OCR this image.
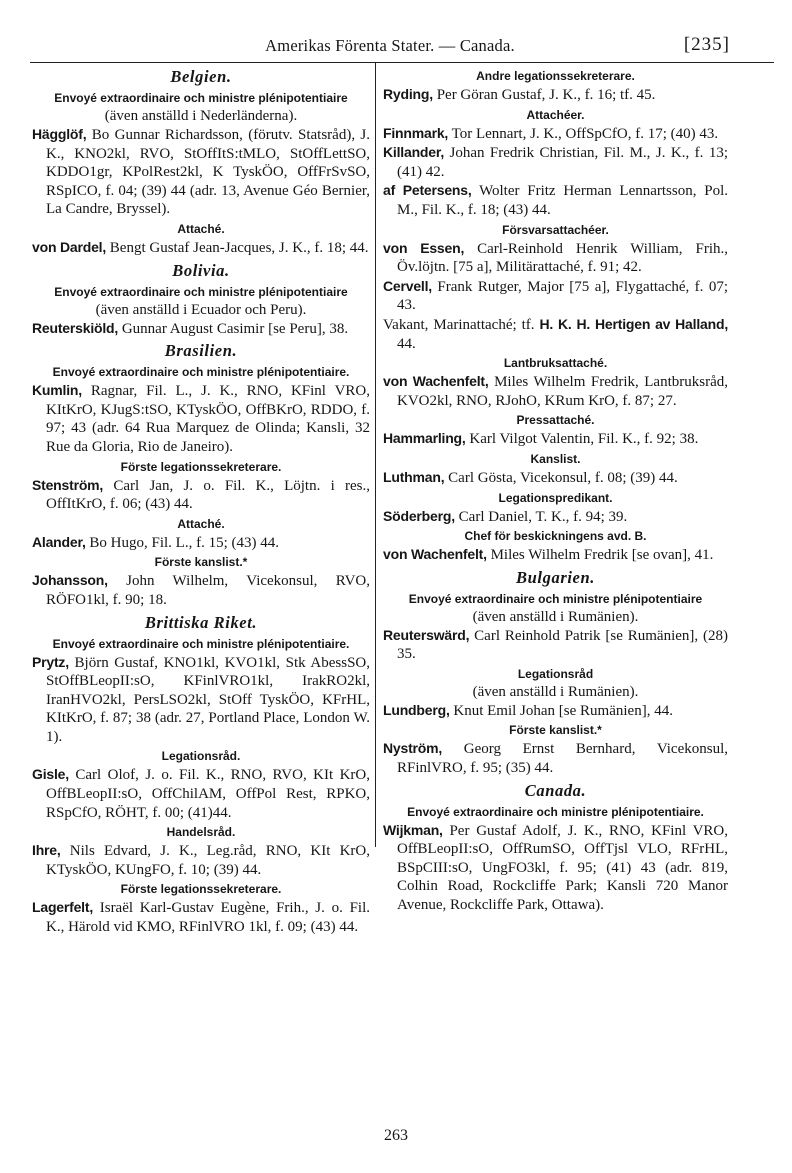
Amerikas Förenta Stater. — Canada.	[235]
Belgien.
Envoyé extraordinaire och ministre plénipotentiaire
(även anställd i Nederländerna).
Hägglöf, Bo Gunnar Richardsson, (förutv. Statsråd), J. K., KNO2kl, RVO, StOffItS:tMLO, StOffLettSO, KDDO1gr, KPolRest2kl, K TyskÖO, OffFrSvSO, RSpICO, f. 04; (39) 44 (adr. 13, Avenue Géo Bernier, La Candre, Bryssel).
Attaché.
von Dardel, Bengt Gustaf Jean-Jacques, J. K., f. 18; 44.
Bolivia.
Envoyé extraordinaire och ministre plénipotentiaire
(även anställd i Ecuador och Peru).
Reuterskiöld, Gunnar August Casimir [se Peru], 38.
Brasilien.
Envoyé extraordinaire och ministre plénipotentiaire.
Kumlin, Ragnar, Fil. L., J. K., RNO, KFinl VRO, KItKrO, KJugS:tSO, KTyskÖO, OffBKrO, RDDO, f. 97; 43 (adr. 64 Rua Marquez de Olinda; Kansli, 32 Rue da Gloria, Rio de Janeiro).
Förste legationssekreterare.
Stenström, Carl Jan, J. o. Fil. K., Löjtn. i res., OffItKrO, f. 06; (43) 44.
Attaché.
Alander, Bo Hugo, Fil. L., f. 15; (43) 44.
Förste kanslist.*
Johansson, John Wilhelm, Vicekonsul, RVO, RÖFO1kl, f. 90; 18.
Brittiska Riket.
Envoyé extraordinaire och ministre plénipotentiaire.
Prytz, Björn Gustaf, KNO1kl, KVO1kl, Stk AbessSO, StOffBLeopII:sO, KFinlVRO1kl, IrakRO2kl, IranHVO2kl, PersLSO2kl, StOff TyskÖO, KFrHL, KItKrO, f. 87; 38 (adr. 27, Portland Place, London W. 1).
Legationsråd.
Gisle, Carl Olof, J. o. Fil. K., RNO, RVO, KIt KrO, OffBLeopII:sO, OffChilAM, OffPol Rest, RPKO, RSpCfO, RÖHT, f. 00; (41)44.
Handelsråd.
Ihre, Nils Edvard, J. K., Leg.råd, RNO, KIt KrO, KTyskÖO, KUngFO, f. 10; (39) 44.
Förste legationssekreterare.
Lagerfelt, Israël Karl-Gustav Eugène, Frih., J. o. Fil. K., Härold vid KMO, RFinlVRO 1kl, f. 09; (43) 44.
Andre legationssekreterare.
Ryding, Per Göran Gustaf, J. K., f. 16; tf. 45.
Attachéer.
Finnmark, Tor Lennart, J. K., OffSpCfO, f. 17; (40) 43.
Killander, Johan Fredrik Christian, Fil. M., J. K., f. 13; (41) 42.
af Petersens, Wolter Fritz Herman Lennartsson, Pol. M., Fil. K., f. 18; (43) 44.
Försvarsattachéer.
von Essen, Carl-Reinhold Henrik William, Frih., Öv.löjtn. [75 a], Militärattaché, f. 91; 42.
Cervell, Frank Rutger, Major [75 a], Flygattaché, f. 07; 43.
Vakant, Marinattaché; tf. H. K. H. Hertigen av Halland, 44.
Lantbruksattaché.
von Wachenfelt, Miles Wilhelm Fredrik, Lantbruksråd, KVO2kl, RNO, RJohO, KRum KrO, f. 87; 27.
Pressattaché.
Hammarling, Karl Vilgot Valentin, Fil. K., f. 92; 38.
Kanslist.
Luthman, Carl Gösta, Vicekonsul, f. 08; (39) 44.
Legationspredikant.
Söderberg, Carl Daniel, T. K., f. 94; 39.
Chef för beskickningens avd. B.
von Wachenfelt, Miles Wilhelm Fredrik [se ovan], 41.
Bulgarien.
Envoyé extraordinaire och ministre plénipotentiaire
(även anställd i Rumänien).
Reuterswärd, Carl Reinhold Patrik [se Rumänien], (28) 35.
Legationsråd
(även anställd i Rumänien).
Lundberg, Knut Emil Johan [se Rumänien], 44.
Förste kanslist.*
Nyström, Georg Ernst Bernhard, Vicekonsul, RFinlVRO, f. 95; (35) 44.
Canada.
Envoyé extraordinaire och ministre plénipotentiaire.
Wijkman, Per Gustaf Adolf, J. K., RNO, KFinl VRO, OffBLeopII:sO, OffRumSO, OffTjsl VLO, RFrHL, BSpCIII:sO, UngFO3kl, f. 95; (41) 43 (adr. 819, Colhin Road, Rockcliffe Park; Kansli 720 Manor Avenue, Rockcliffe Park, Ottawa).
263
